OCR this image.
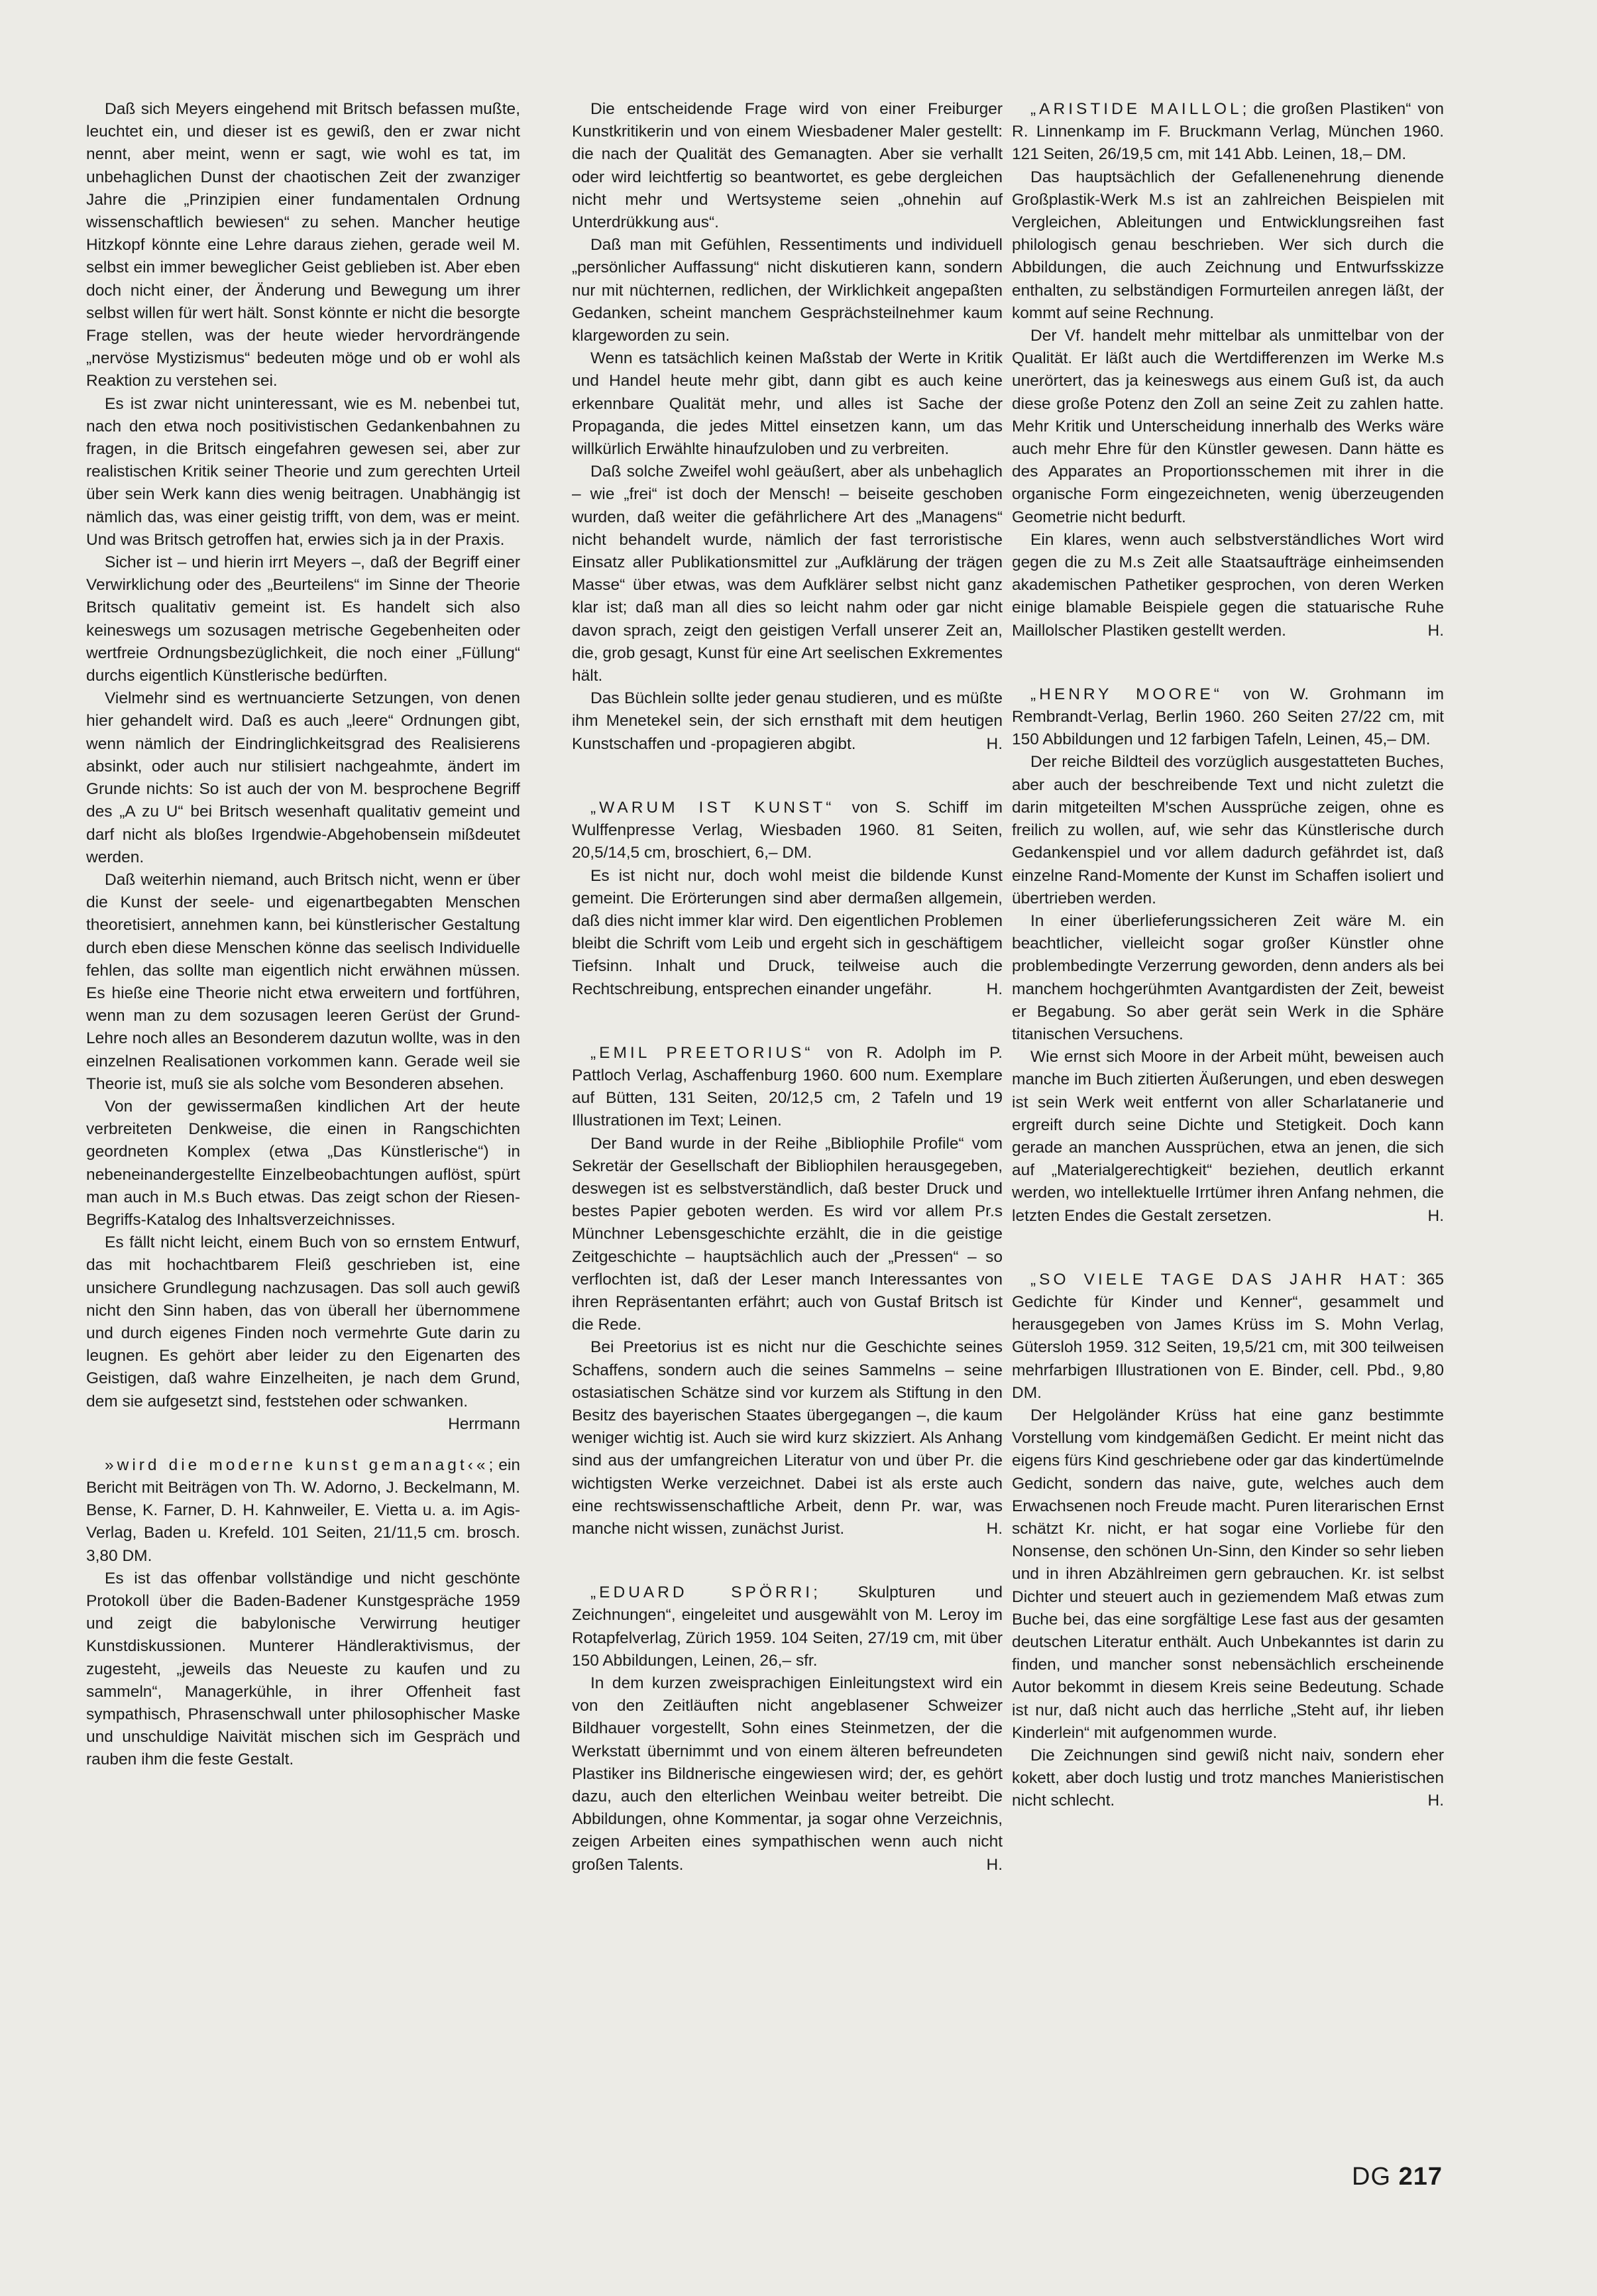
Daß sich Meyers eingehend mit Britsch befassen mußte, leuchtet ein, und dieser ist es gewiß, den er zwar nicht nennt, aber meint, wenn er sagt, wie wohl es tat, im unbehaglichen Dunst der chaotischen Zeit der zwanziger Jahre die „Prinzipien einer fundamentalen Ordnung wissenschaftlich bewiesen“ zu sehen. Mancher heutige Hitzkopf könnte eine Lehre daraus ziehen, gerade weil M. selbst ein immer beweglicher Geist geblieben ist. Aber eben doch nicht einer, der Änderung und Bewegung um ihrer selbst willen für wert hält. Sonst könnte er nicht die besorgte Frage stellen, was der heute wieder hervordrängende „nervöse Mystizismus“ bedeuten möge und ob er wohl als Reaktion zu verstehen sei.

Es ist zwar nicht uninteressant, wie es M. nebenbei tut, nach den etwa noch positivistischen Gedankenbahnen zu fragen, in die Britsch eingefahren gewesen sei, aber zur realistischen Kritik seiner Theorie und zum gerechten Urteil über sein Werk kann dies wenig beitragen. Unabhängig ist nämlich das, was einer geistig trifft, von dem, was er meint. Und was Britsch getroffen hat, erwies sich ja in der Praxis.

Sicher ist – und hierin irrt Meyers –, daß der Begriff einer Verwirklichung oder des „Beurteilens“ im Sinne der Theorie Britsch qualitativ gemeint ist. Es handelt sich also keineswegs um sozusagen metrische Gegebenheiten oder wertfreie Ordnungsbezüglichkeit, die noch einer „Füllung“ durchs eigentlich Künstlerische bedürften.

Vielmehr sind es wertnuancierte Setzungen, von denen hier gehandelt wird. Daß es auch „leere“ Ordnungen gibt, wenn nämlich der Eindringlichkeitsgrad des Realisierens absinkt, oder auch nur stilisiert nachgeahmte, ändert im Grunde nichts: So ist auch der von M. besprochene Begriff des „A zu U“ bei Britsch wesenhaft qualitativ gemeint und darf nicht als bloßes Irgendwie-Abgehobensein mißdeutet werden.

Daß weiterhin niemand, auch Britsch nicht, wenn er über die Kunst der seele- und eigenartbegabten Menschen theoretisiert, annehmen kann, bei künstlerischer Gestaltung durch eben diese Menschen könne das seelisch Individuelle fehlen, das sollte man eigentlich nicht erwähnen müssen. Es hieße eine Theorie nicht etwa erweitern und fortführen, wenn man zu dem sozusagen leeren Gerüst der Grund-Lehre noch alles an Besonderem dazutun wollte, was in den einzelnen Realisationen vorkommen kann. Gerade weil sie Theorie ist, muß sie als solche vom Besonderen absehen.

Von der gewissermaßen kindlichen Art der heute verbreiteten Denkweise, die einen in Rangschichten geordneten Komplex (etwa „Das Künstlerische“) in nebeneinandergestellte Einzelbeobachtungen auflöst, spürt man auch in M.s Buch etwas. Das zeigt schon der Riesen-Begriffs-Katalog des Inhaltsverzeichnisses.

Es fällt nicht leicht, einem Buch von so ernstem Entwurf, das mit hochachtbarem Fleiß geschrieben ist, eine unsichere Grundlegung nachzusagen. Das soll auch gewiß nicht den Sinn haben, das von überall her übernommene und durch eigenes Finden noch vermehrte Gute darin zu leugnen. Es gehört aber leider zu den Eigenarten des Geistigen, daß wahre Einzelheiten, je nach dem Grund, dem sie aufgesetzt sind, feststehen oder schwanken.
Herrmann

»wird die moderne kunst gemanagt‹«; ein Bericht mit Beiträgen von Th. W. Adorno, J. Beckelmann, M. Bense, K. Farner, D. H. Kahnweiler, E. Vietta u. a. im Agis-Verlag, Baden u. Krefeld. 101 Seiten, 21/11,5 cm. brosch. 3,80 DM.

Es ist das offenbar vollständige und nicht geschönte Protokoll über die Baden-Badener Kunstgespräche 1959 und zeigt die babylonische Verwirrung heutiger Kunstdiskussionen. Munterer Händleraktivismus, der zugesteht, „jeweils das Neueste zu kaufen und zu sammeln“, Managerkühle, in ihrer Offenheit fast sympathisch, Phrasenschwall unter philosophischer Maske und unschuldige Naivität mischen sich im Gespräch und rauben ihm die feste Gestalt.

Die entscheidende Frage wird von einer Freiburger Kunstkritikerin und von einem Wiesbadener Maler gestellt: die nach der Qualität des Gemanagten. Aber sie verhallt oder wird leichtfertig so beantwortet, es gebe dergleichen nicht mehr und Wertsysteme seien „ohnehin auf Unterdrükkung aus“.

Daß man mit Gefühlen, Ressentiments und individuell „persönlicher Auffassung“ nicht diskutieren kann, sondern nur mit nüchternen, redlichen, der Wirklichkeit angepaßten Gedanken, scheint manchem Gesprächsteilnehmer kaum klargeworden zu sein.

Wenn es tatsächlich keinen Maßstab der Werte in Kritik und Handel heute mehr gibt, dann gibt es auch keine erkennbare Qualität mehr, und alles ist Sache der Propaganda, die jedes Mittel einsetzen kann, um das willkürlich Erwählte hinaufzuloben und zu verbreiten.

Daß solche Zweifel wohl geäußert, aber als unbehaglich – wie „frei“ ist doch der Mensch! – beiseite geschoben wurden, daß weiter die gefährlichere Art des „Managens“ nicht behandelt wurde, nämlich der fast terroristische Einsatz aller Publikationsmittel zur „Aufklärung der trägen Masse“ über etwas, was dem Aufklärer selbst nicht ganz klar ist; daß man all dies so leicht nahm oder gar nicht davon sprach, zeigt den geistigen Verfall unserer Zeit an, die, grob gesagt, Kunst für eine Art seelischen Exkrementes hält.

Das Büchlein sollte jeder genau studieren, und es müßte ihm Menetekel sein, der sich ernsthaft mit dem heutigen Kunstschaffen und -propagieren abgibt.	H.

„WARUM IST KUNST“ von S. Schiff im Wulffenpresse Verlag, Wiesbaden 1960. 81 Seiten, 20,5/14,5 cm, broschiert, 6,– DM.

Es ist nicht nur, doch wohl meist die bildende Kunst gemeint. Die Erörterungen sind aber dermaßen allgemein, daß dies nicht immer klar wird. Den eigentlichen Problemen bleibt die Schrift vom Leib und ergeht sich in geschäftigem Tiefsinn. Inhalt und Druck, teilweise auch die Rechtschreibung, entsprechen einander ungefähr.	H.

„EMIL PREETORIUS“ von R. Adolph im P. Pattloch Verlag, Aschaffenburg 1960. 600 num. Exemplare auf Bütten, 131 Seiten, 20/12,5 cm, 2 Tafeln und 19 Illustrationen im Text; Leinen.

Der Band wurde in der Reihe „Bibliophile Profile“ vom Sekretär der Gesellschaft der Bibliophilen herausgegeben, deswegen ist es selbstverständlich, daß bester Druck und bestes Papier geboten werden. Es wird vor allem Pr.s Münchner Lebensgeschichte erzählt, die in die geistige Zeitgeschichte – hauptsächlich auch der „Pressen“ – so verflochten ist, daß der Leser manch Interessantes von ihren Repräsentanten erfährt; auch von Gustaf Britsch ist die Rede.

Bei Preetorius ist es nicht nur die Geschichte seines Schaffens, sondern auch die seines Sammelns – seine ostasiatischen Schätze sind vor kurzem als Stiftung in den Besitz des bayerischen Staates übergegangen –, die kaum weniger wichtig ist. Auch sie wird kurz skizziert. Als Anhang sind aus der umfangreichen Literatur von und über Pr. die wichtigsten Werke verzeichnet. Dabei ist als erste auch eine rechtswissenschaftliche Arbeit, denn Pr. war, was manche nicht wissen, zunächst Jurist.	H.

„EDUARD SPÖRRI; Skulpturen und Zeichnungen“, eingeleitet und ausgewählt von M. Leroy im Rotapfelverlag, Zürich 1959. 104 Seiten, 27/19 cm, mit über 150 Abbildungen, Leinen, 26,– sfr.

In dem kurzen zweisprachigen Einleitungstext wird ein von den Zeitläuften nicht angeblasener Schweizer Bildhauer vorgestellt, Sohn eines Steinmetzen, der die Werkstatt übernimmt und von einem älteren befreundeten Plastiker ins Bildnerische eingewiesen wird; der, es gehört dazu, auch den elterlichen Weinbau weiter betreibt. Die Abbildungen, ohne Kommentar, ja sogar ohne Verzeichnis, zeigen Arbeiten eines sympathischen wenn auch nicht großen Talents.	H.

„ARISTIDE MAILLOL; die großen Plastiken“ von R. Linnenkamp im F. Bruckmann Verlag, München 1960. 121 Seiten, 26/19,5 cm, mit 141 Abb. Leinen, 18,– DM.

Das hauptsächlich der Gefallenenehrung dienende Großplastik-Werk M.s ist an zahlreichen Beispielen mit Vergleichen, Ableitungen und Entwicklungsreihen fast philologisch genau beschrieben. Wer sich durch die Abbildungen, die auch Zeichnung und Entwurfsskizze enthalten, zu selbständigen Formurteilen anregen läßt, der kommt auf seine Rechnung.

Der Vf. handelt mehr mittelbar als unmittelbar von der Qualität. Er läßt auch die Wertdifferenzen im Werke M.s unerörtert, das ja keineswegs aus einem Guß ist, da auch diese große Potenz den Zoll an seine Zeit zu zahlen hatte. Mehr Kritik und Unterscheidung innerhalb des Werks wäre auch mehr Ehre für den Künstler gewesen. Dann hätte es des Apparates an Proportionsschemen mit ihrer in die organische Form eingezeichneten, wenig überzeugenden Geometrie nicht bedurft.

Ein klares, wenn auch selbstverständliches Wort wird gegen die zu M.s Zeit alle Staatsaufträge einheimsenden akademischen Pathetiker gesprochen, von deren Werken einige blamable Beispiele gegen die statuarische Ruhe Maillolscher Plastiken gestellt werden.	H.

„HENRY MOORE“ von W. Grohmann im Rembrandt-Verlag, Berlin 1960. 260 Seiten 27/22 cm, mit 150 Abbildungen und 12 farbigen Tafeln, Leinen, 45,– DM.

Der reiche Bildteil des vorzüglich ausgestatteten Buches, aber auch der beschreibende Text und nicht zuletzt die darin mitgeteilten M'schen Aussprüche zeigen, ohne es freilich zu wollen, auf, wie sehr das Künstlerische durch Gedankenspiel und vor allem dadurch gefährdet ist, daß einzelne Rand-Momente der Kunst im Schaffen isoliert und übertrieben werden.

In einer überlieferungssicheren Zeit wäre M. ein beachtlicher, vielleicht sogar großer Künstler ohne problembedingte Verzerrung geworden, denn anders als bei manchem hochgerühmten Avantgardisten der Zeit, beweist er Begabung. So aber gerät sein Werk in die Sphäre titanischen Versuchens.

Wie ernst sich Moore in der Arbeit müht, beweisen auch manche im Buch zitierten Äußerungen, und eben deswegen ist sein Werk weit entfernt von aller Scharlatanerie und ergreift durch seine Dichte und Stetigkeit. Doch kann gerade an manchen Aussprüchen, etwa an jenen, die sich auf „Materialgerechtigkeit“ beziehen, deutlich erkannt werden, wo intellektuelle Irrtümer ihren Anfang nehmen, die letzten Endes die Gestalt zersetzen.	H.

„SO VIELE TAGE DAS JAHR HAT: 365 Gedichte für Kinder und Kenner“, gesammelt und herausgegeben von James Krüss im S. Mohn Verlag, Gütersloh 1959. 312 Seiten, 19,5/21 cm, mit 300 teilweisen mehrfarbigen Illustrationen von E. Binder, cell. Pbd., 9,80 DM.

Der Helgoländer Krüss hat eine ganz bestimmte Vorstellung vom kindgemäßen Gedicht. Er meint nicht das eigens fürs Kind geschriebene oder gar das kindertümelnde Gedicht, sondern das naive, gute, welches auch dem Erwachsenen noch Freude macht. Puren literarischen Ernst schätzt Kr. nicht, er hat sogar eine Vorliebe für den Nonsense, den schönen Un-Sinn, den Kinder so sehr lieben und in ihren Abzählreimen gern gebrauchen. Kr. ist selbst Dichter und steuert auch in geziemendem Maß etwas zum Buche bei, das eine sorgfältige Lese fast aus der gesamten deutschen Literatur enthält. Auch Unbekanntes ist darin zu finden, und mancher sonst nebensächlich erscheinende Autor bekommt in diesem Kreis seine Bedeutung. Schade ist nur, daß nicht auch das herrliche „Steht auf, ihr lieben Kinderlein“ mit aufgenommen wurde.

Die Zeichnungen sind gewiß nicht naiv, sondern eher kokett, aber doch lustig und trotz manches Manieristischen nicht schlecht.	H.

DG 217
